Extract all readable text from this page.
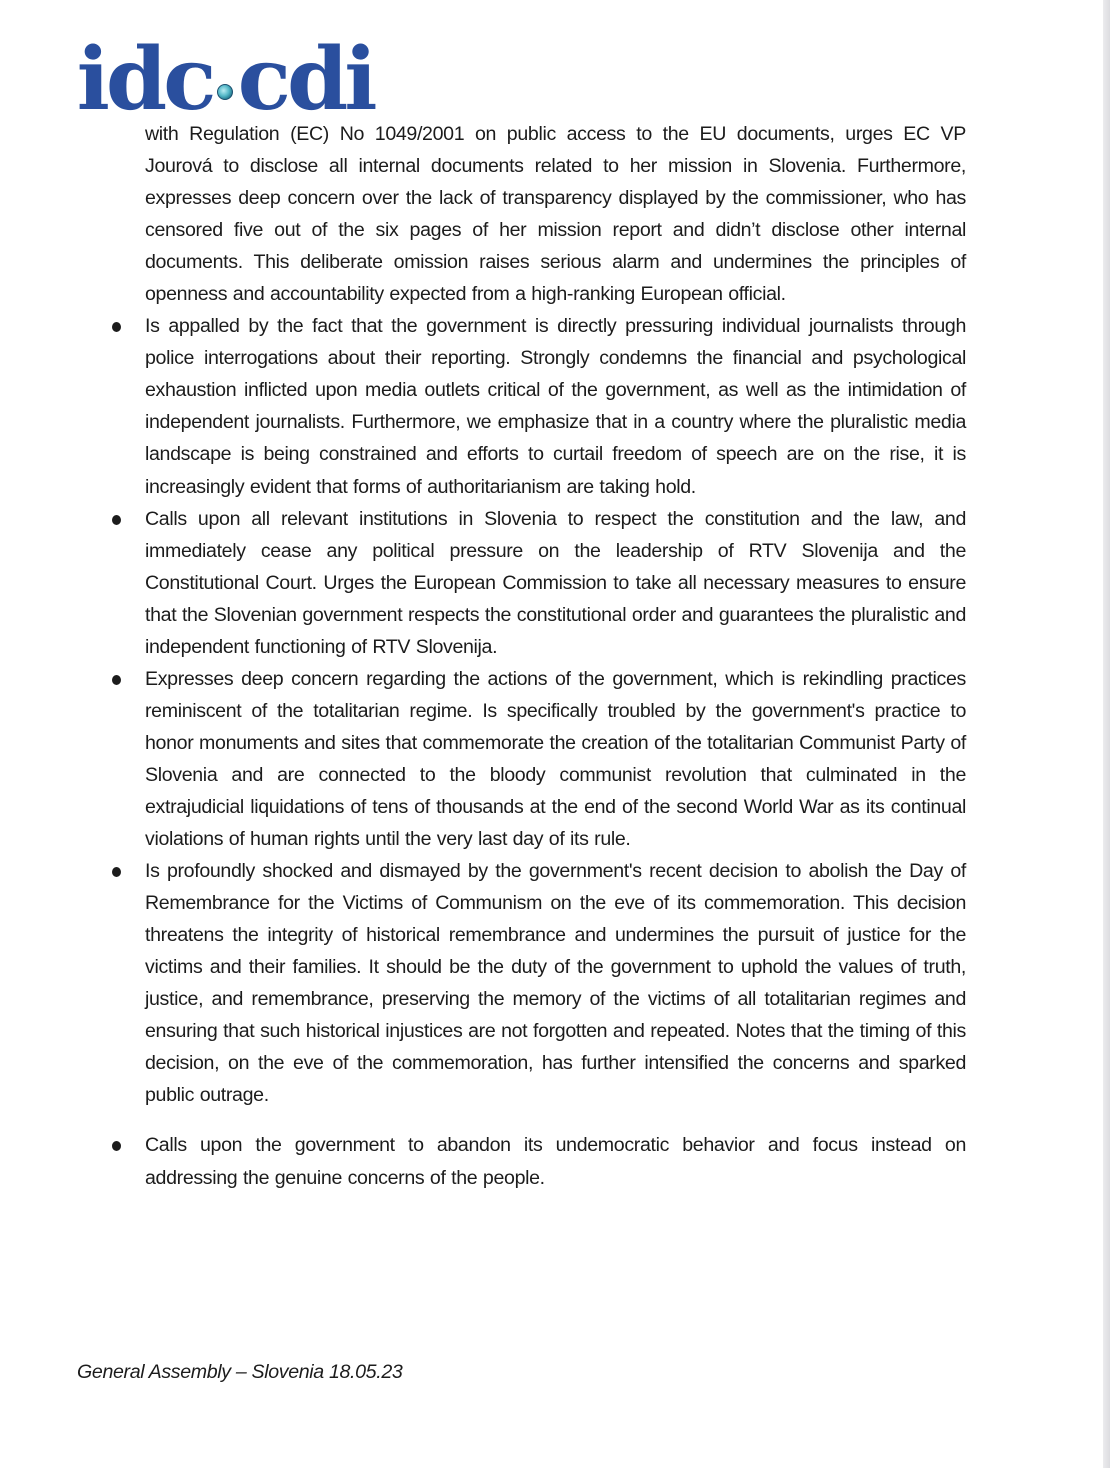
idc cdi

with Regulation (EC) No 1049/2001 on public access to the EU documents, urges EC VP Jourová to disclose all internal documents related to her mission in Slovenia. Furthermore, expresses deep concern over the lack of transparency displayed by the commissioner, who has censored five out of the six pages of her mission report and didn’t disclose other internal documents. This deliberate omission raises serious alarm and undermines the principles of openness and accountability expected from a high-ranking European official.

Is appalled by the fact that the government is directly pressuring individual journalists through police interrogations about their reporting. Strongly condemns the financial and psychological exhaustion inflicted upon media outlets critical of the government, as well as the intimidation of independent journalists. Furthermore, we emphasize that in a country where the pluralistic media landscape is being constrained and efforts to curtail freedom of speech are on the rise, it is increasingly evident that forms of authoritarianism are taking hold.

Calls upon all relevant institutions in Slovenia to respect the constitution and the law, and immediately cease any political pressure on the leadership of RTV Slovenija and the Constitutional Court. Urges the European Commission to take all necessary measures to ensure that the Slovenian government respects the constitutional order and guarantees the pluralistic and independent functioning of RTV Slovenija.

Expresses deep concern regarding the actions of the government, which is rekindling practices reminiscent of the totalitarian regime. Is specifically troubled by the government's practice to honor monuments and sites that commemorate the creation of the totalitarian Communist Party of Slovenia and are connected to the bloody communist revolution that culminated in the extrajudicial liquidations of tens of thousands at the end of the second World War as its continual violations of human rights until the very last day of its rule.

Is profoundly shocked and dismayed by the government's recent decision to abolish the Day of Remembrance for the Victims of Communism on the eve of its commemoration. This decision threatens the integrity of historical remembrance and undermines the pursuit of justice for the victims and their families. It should be the duty of the government to uphold the values of truth, justice, and remembrance, preserving the memory of the victims of all totalitarian regimes and ensuring that such historical injustices are not forgotten and repeated. Notes that the timing of this decision, on the eve of the commemoration, has further intensified the concerns and sparked public outrage.

Calls upon the government to abandon its undemocratic behavior and focus instead on addressing the genuine concerns of the people.

General Assembly – Slovenia 18.05.23
